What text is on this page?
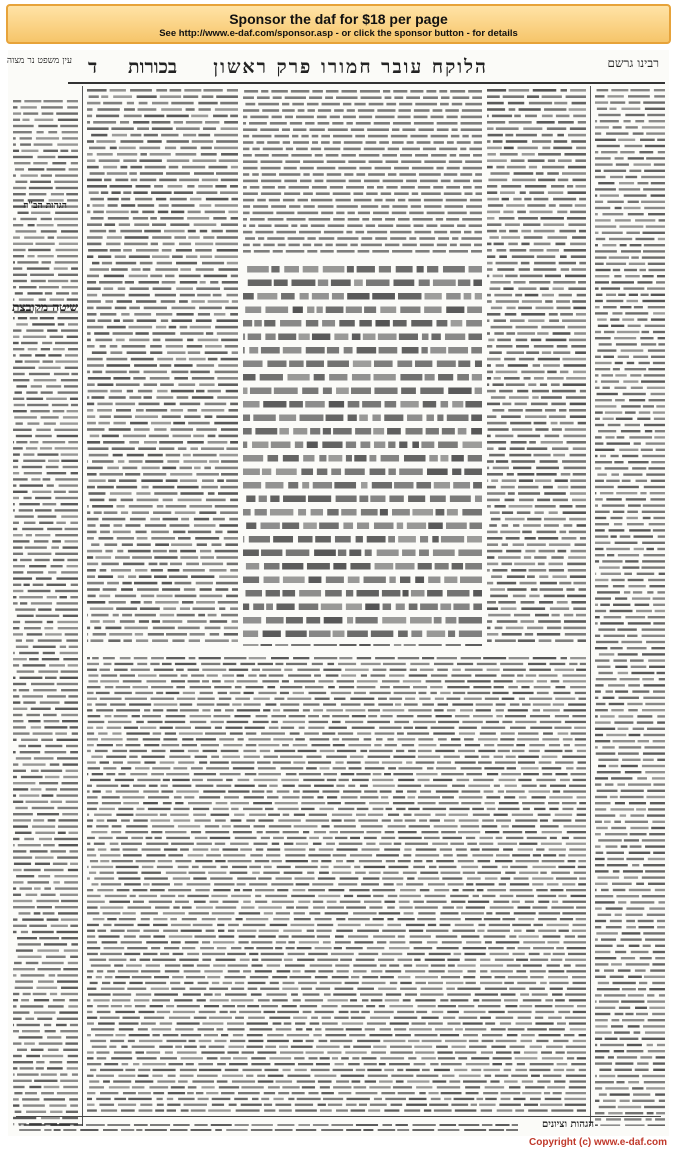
Sponsor the daf for $18 per page
See http://www.e-daf.com/sponsor.asp - or click the sponsor button - for details
רבינו גרשם
הלוקח עובר חמורו פרק ראשון
בכורות
ד
עין משפט נר מצוה
הגהות הב"ח
שיטה מקובצת
הגהות וציונים
Copyright (c) www.e-daf.com
